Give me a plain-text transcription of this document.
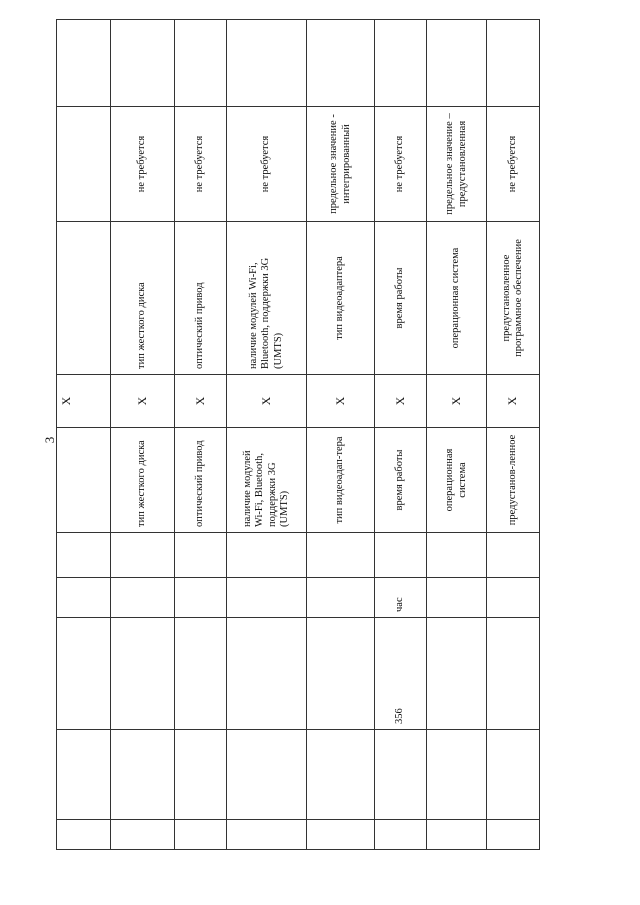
3
						X			
					тип жесткого диска	X	тип жесткого диска	не требуется	
					оптический привод	X	оптический привод	не требуется	
					наличие модулей Wi-Fi, Bluetooth, поддержки 3G (UMTS)	X	наличие модулей Wi-Fi, Bluetooth, поддержки 3G (UMTS)	не требуется	
					тип видеоадап-тера	X	тип видеоадаптера	предельное значение - интегрированный	
		356	час		время работы	X	время работы	не требуется	
					операционная система	X	операционная система	предельное значение – предустановленная	
					предустанов-ленное	X	предустановленное программное обеспечение	не требуется	
